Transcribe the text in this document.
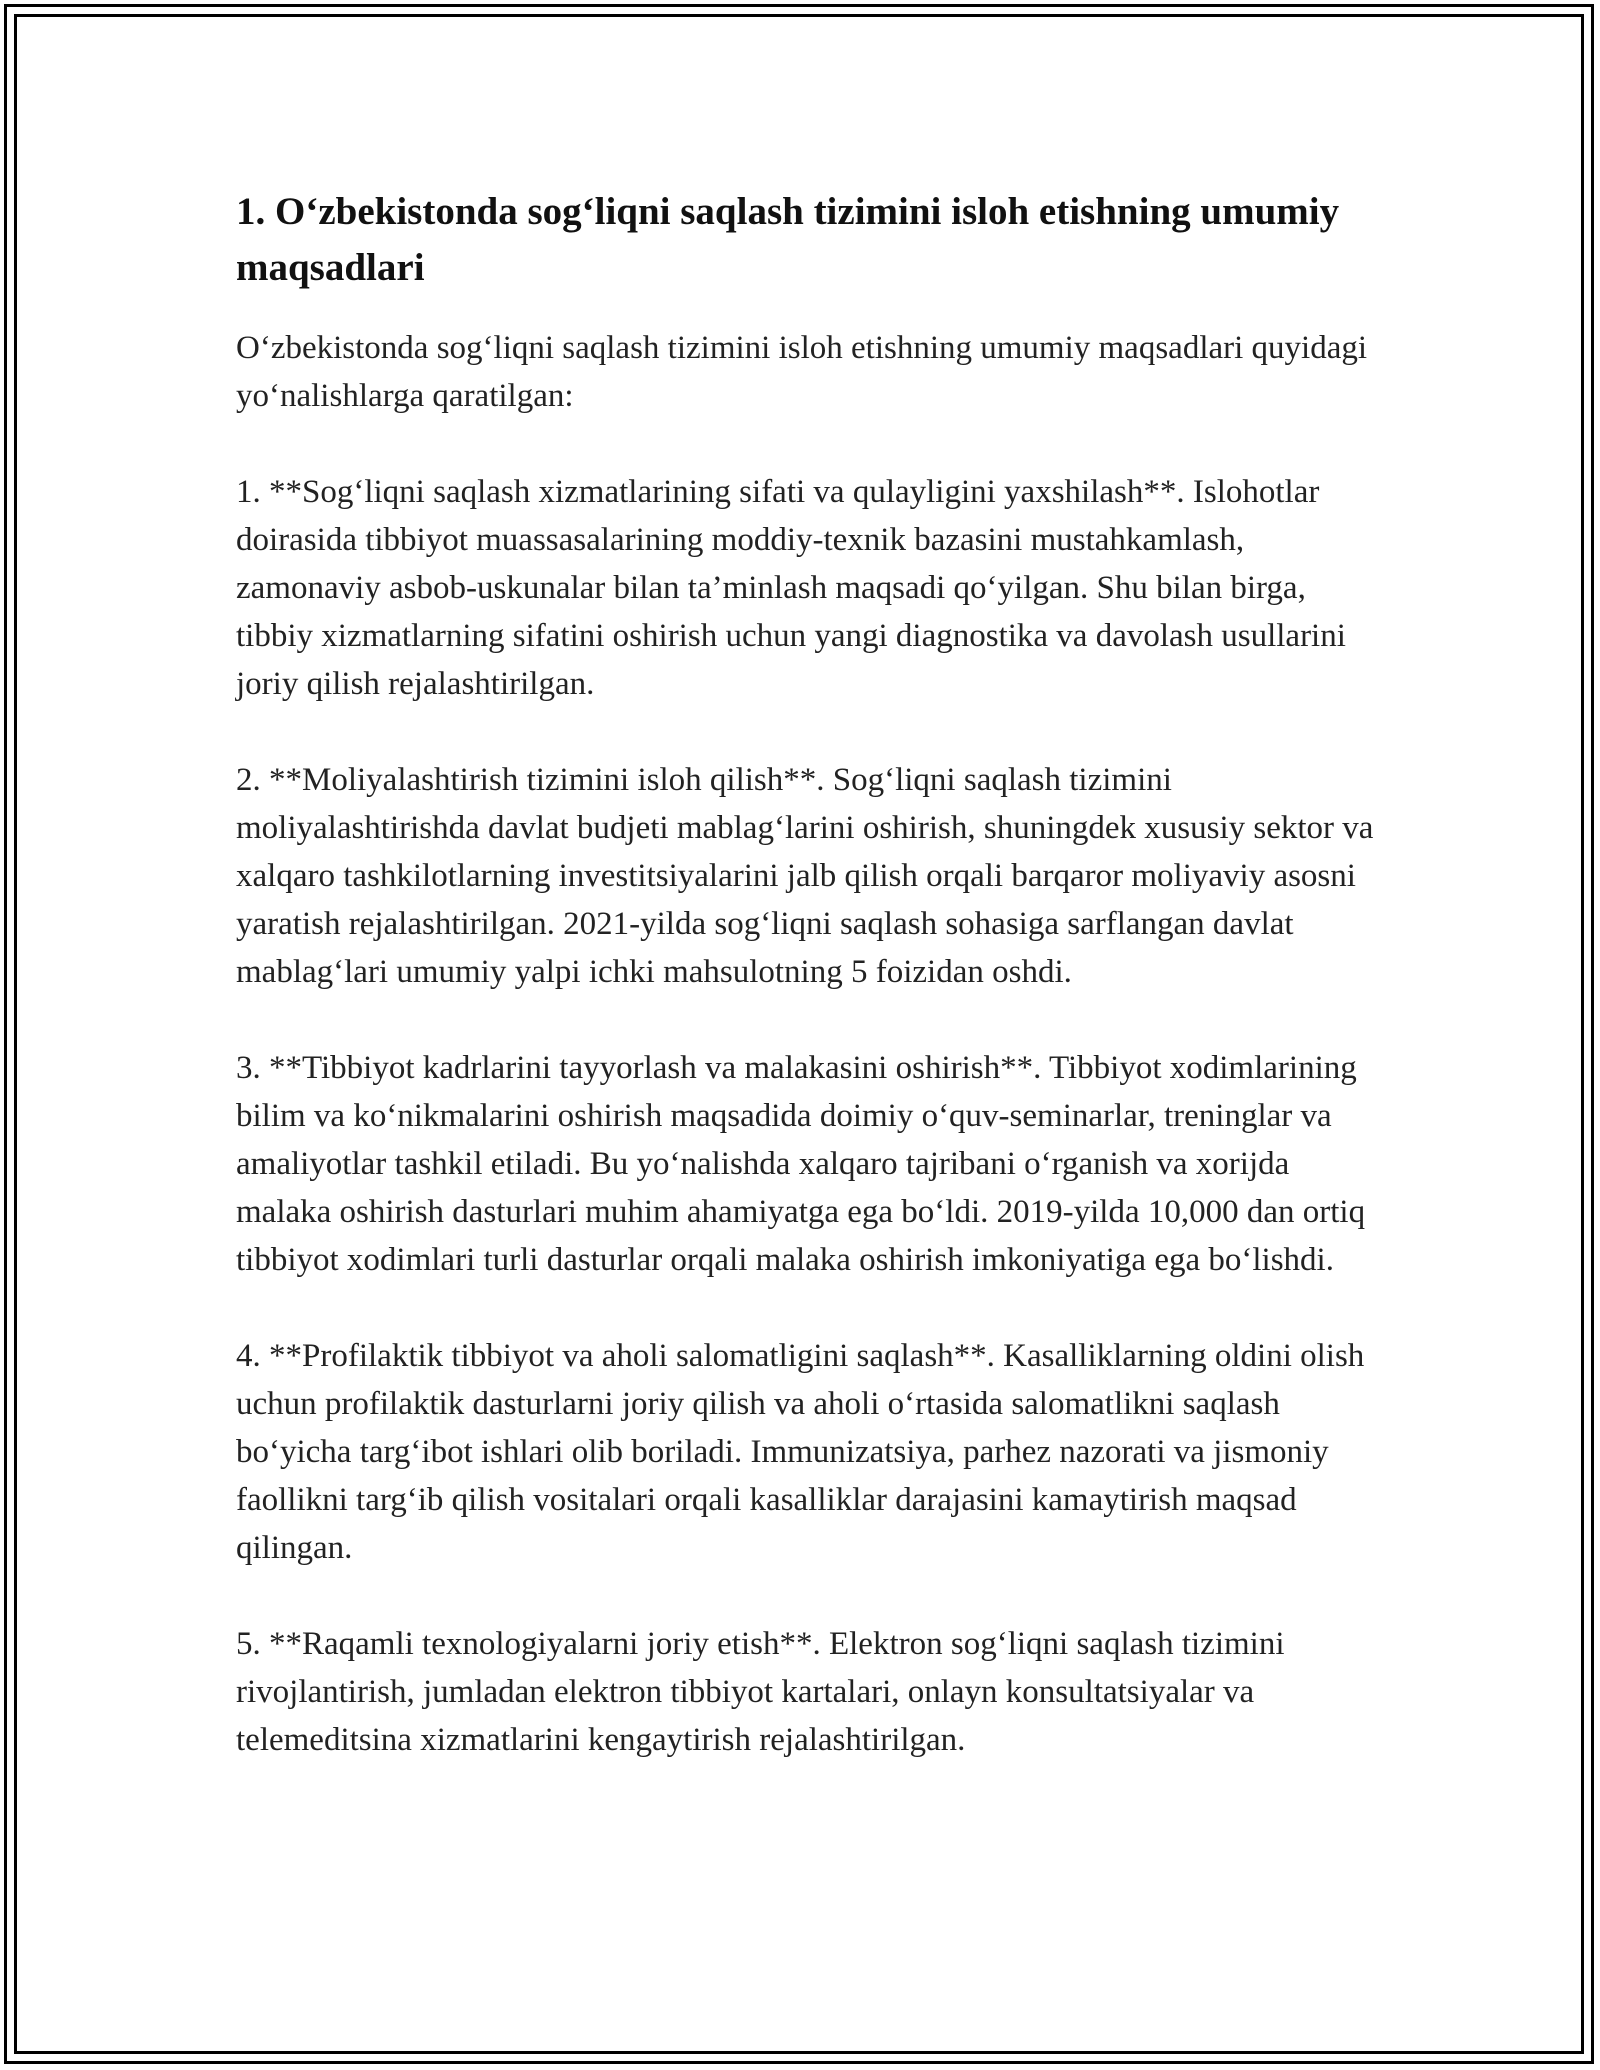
1. O‘zbekistonda sog‘liqni saqlash tizimini isloh etishning umumiy maqsadlari

O‘zbekistonda sog‘liqni saqlash tizimini isloh etishning umumiy maqsadlari quyidagi yo‘nalishlarga qaratilgan:

1. **Sog‘liqni saqlash xizmatlarining sifati va qulayligini yaxshilash**. Islohotlar doirasida tibbiyot muassasalarining moddiy-texnik bazasini mustahkamlash, zamonaviy asbob-uskunalar bilan ta’minlash maqsadi qo‘yilgan. Shu bilan birga, tibbiy xizmatlarning sifatini oshirish uchun yangi diagnostika va davolash usullarini joriy qilish rejalashtirilgan.

2. **Moliyalashtirish tizimini isloh qilish**. Sog‘liqni saqlash tizimini moliyalashtirishda davlat budjeti mablag‘larini oshirish, shuningdek xususiy sektor va xalqaro tashkilotlarning investitsiyalarini jalb qilish orqali barqaror moliyaviy asosni yaratish rejalashtirilgan. 2021-yilda sog‘liqni saqlash sohasiga sarflangan davlat mablag‘lari umumiy yalpi ichki mahsulotning 5 foizidan oshdi.

3. **Tibbiyot kadrlarini tayyorlash va malakasini oshirish**. Tibbiyot xodimlarining bilim va ko‘nikmalarini oshirish maqsadida doimiy o‘quv-seminarlar, treninglar va amaliyotlar tashkil etiladi. Bu yo‘nalishda xalqaro tajribani o‘rganish va xorijda malaka oshirish dasturlari muhim ahamiyatga ega bo‘ldi. 2019-yilda 10,000 dan ortiq tibbiyot xodimlari turli dasturlar orqali malaka oshirish imkoniyatiga ega bo‘lishdi.

4. **Profilaktik tibbiyot va aholi salomatligini saqlash**. Kasalliklarning oldini olish uchun profilaktik dasturlarni joriy qilish va aholi o‘rtasida salomatlikni saqlash bo‘yicha targ‘ibot ishlari olib boriladi. Immunizatsiya, parhez nazorati va jismoniy faollikni targ‘ib qilish vositalari orqali kasalliklar darajasini kamaytirish maqsad qilingan.

5. **Raqamli texnologiyalarni joriy etish**. Elektron sog‘liqni saqlash tizimini rivojlantirish, jumladan elektron tibbiyot kartalari, onlayn konsultatsiyalar va telemeditsina xizmatlarini kengaytirish rejalashtirilgan.
